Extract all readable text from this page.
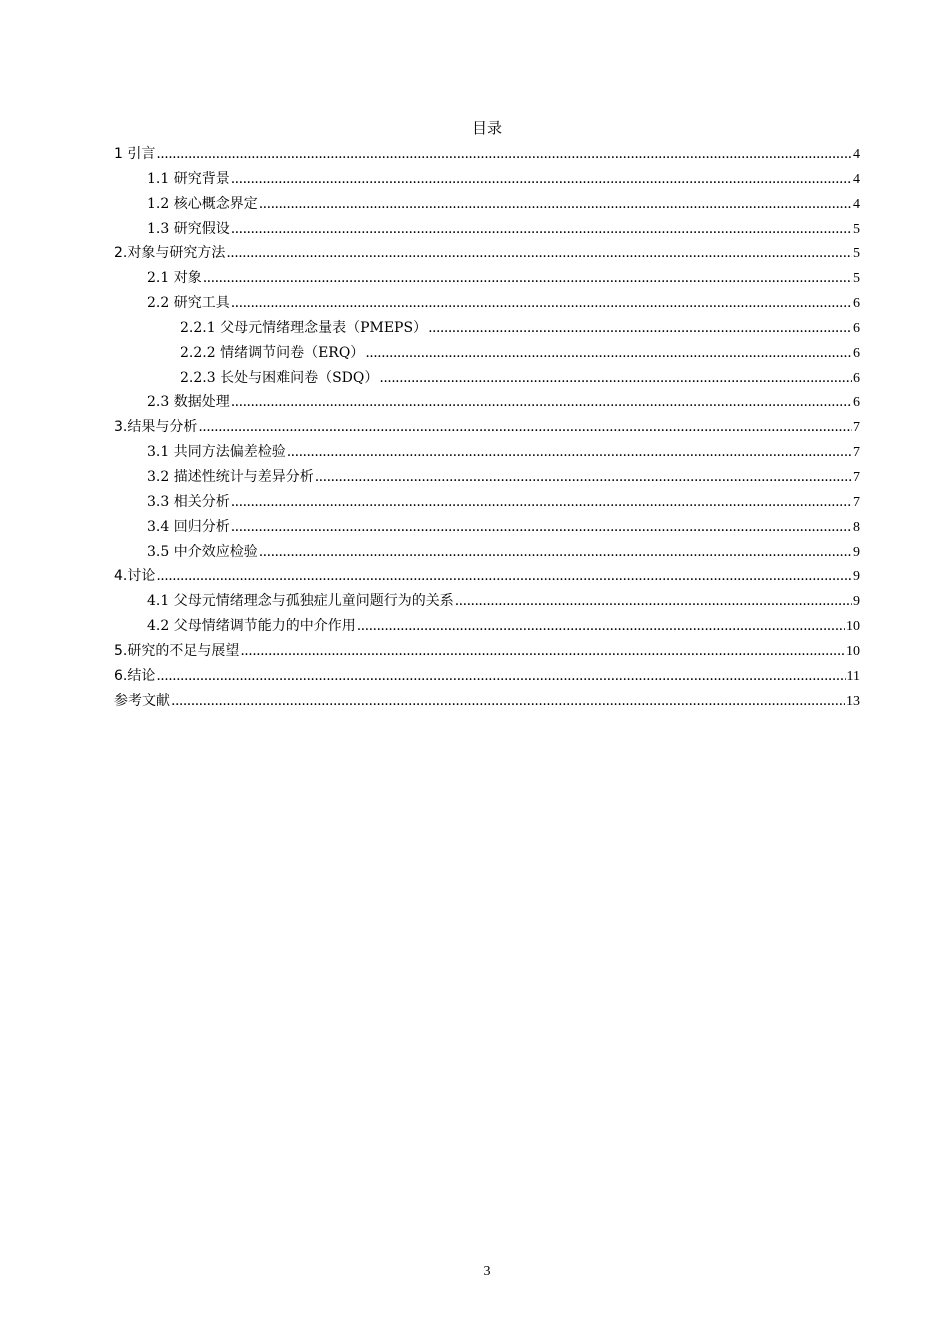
目录
1 引言 .....	4
1.1 研究背景 .....	4
1.2 核心概念界定 .....	4
1.3 研究假设 .....	5
2.对象与研究方法 .....	5
2.1 对象 .....	5
2.2 研究工具 .....	6
2.2.1 父母元情绪理念量表（PMEPS） .....	6
2.2.2 情绪调节问卷（ERQ） .....	6
2.2.3 长处与困难问卷（SDQ） .....	6
2.3 数据处理 .....	6
3.结果与分析 .....	7
3.1 共同方法偏差检验 .....	7
3.2 描述性统计与差异分析 .....	7
3.3 相关分析 .....	7
3.4 回归分析 .....	8
3.5 中介效应检验 .....	9
4.讨论 .....	9
4.1 父母元情绪理念与孤独症儿童问题行为的关系 .....	9
4.2 父母情绪调节能力的中介作用 .....	10
5.研究的不足与展望 .....	10
6.结论 .....	11
参考文献 .....	13
3
